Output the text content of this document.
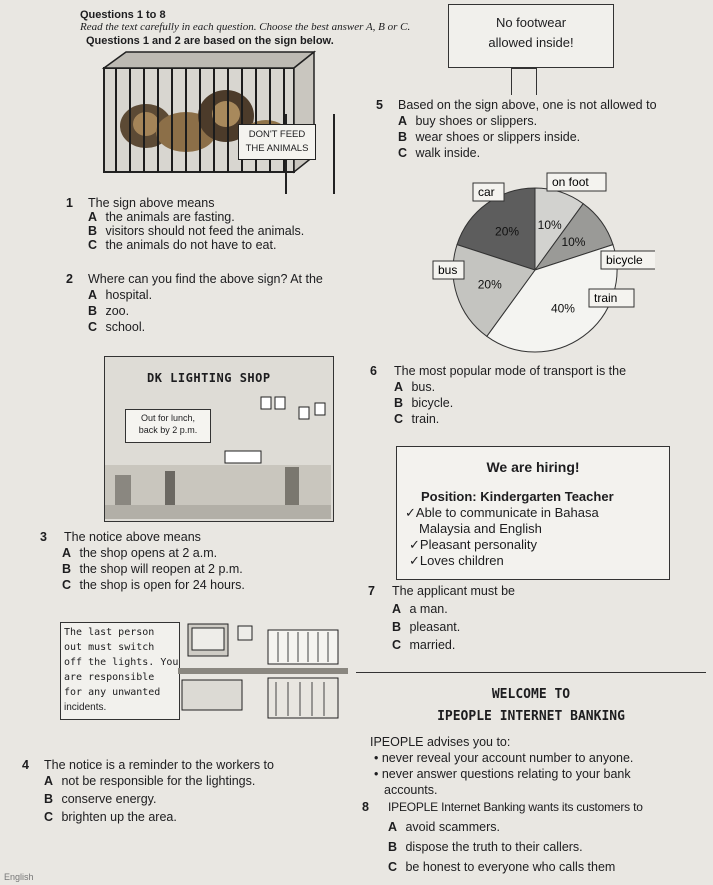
Questions 1 to 8
Read the text carefully in each question. Choose the best answer A, B or C.
Questions 1 and 2 are based on the sign below.
No footwear
allowed inside!
DON'T FEED
THE ANIMALS
1 The sign above means
A the animals are fasting.
B visitors should not feed the animals.
C the animals do not have to eat.
2 Where can you find the above sign? At the
A hospital.
B zoo.
C school.
DK LIGHTING SHOP
Out for lunch,
back by 2 p.m.
3 The notice above means
A the shop opens at 2 a.m.
B the shop will reopen at 2 p.m.
C the shop is open for 24 hours.
The last person
out must switch
off the lights. You
are responsible
for any unwanted
incidents.
4 The notice is a reminder to the workers to
A not be responsible for the lightings.
B conserve energy.
C brighten up the area.
5 Based on the sign above, one is not allowed to
A buy shoes or slippers.
B wear shoes or slippers inside.
C walk inside.
20%
car
10%
on foot
10%
bicycle
40%
train
20%
bus
6 The most popular mode of transport is the
A bus.
B bicycle.
C train.
We are hiring!
Position: Kindergarten Teacher
✓Able to communicate in Bahasa
Malaysia and English
✓Pleasant personality
✓Loves children
7 The applicant must be
A a man.
B pleasant.
C married.
WELCOME TO
IPEOPLE INTERNET BANKING
IPEOPLE advises you to:
• never reveal your account number to anyone.
• never answer questions relating to your bank
accounts.
8 IPEOPLE Internet Banking wants its customers to
A avoid scammers.
B dispose the truth to their callers.
C be honest to everyone who calls them
English
